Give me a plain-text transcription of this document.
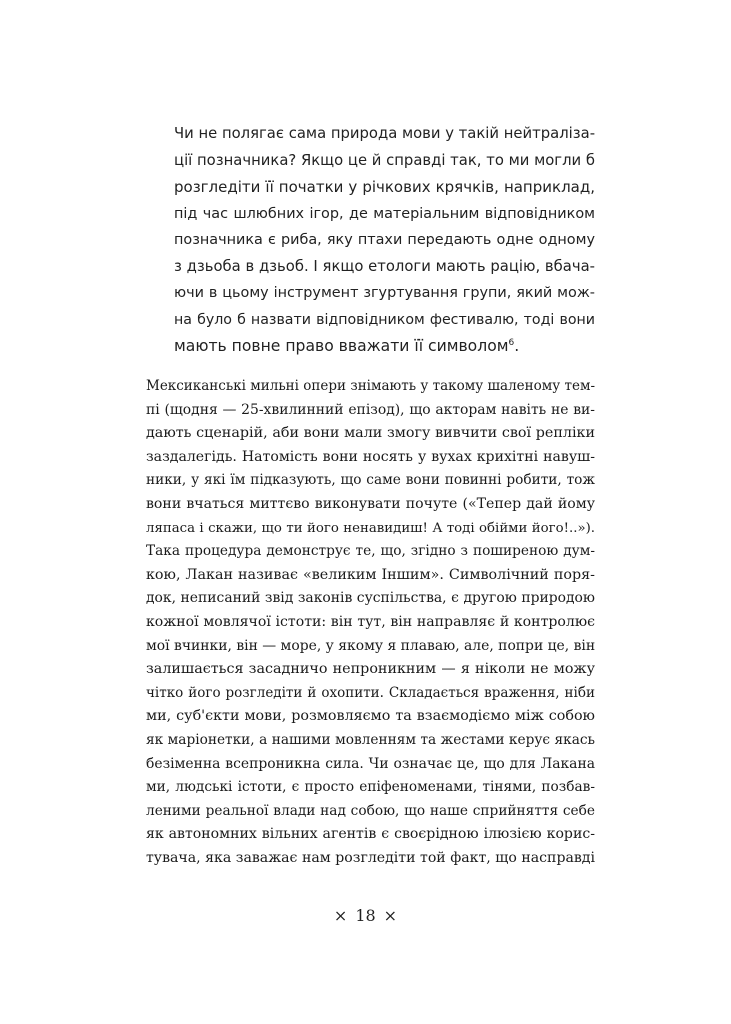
Чи не полягає сама природа мови у такій нейтраліза-
ції позначника? Якщо це й справді так, то ми могли б
розгледіти її початки у річкових крячків, наприклад,
під час шлюбних ігор, де матеріальним відповідником
позначника є риба, яку птахи передають одне одному
з дзьоба в дзьоб. І якщо етологи мають рацію, вбача-
ючи в цьому інструмент згуртування групи, який мож-
на було б назвати відповідником фестивалю, тоді вони
мають повне право вважати її символом$^6$.
Мексиканські мильні опери знімають у такому шаленому тем-
пі (щодня — 25-хвилинний епізод), що акторам навіть не ви-
дають сценарій, аби вони мали змогу вивчити свої репліки
заздалегідь. Натомість вони носять у вухах крихітні навуш-
ники, у які їм підказують, що саме вони повинні робити, тож
вони вчаться миттєво виконувати почуте («Тепер дай йому
ляпаса і скажи, що ти його ненавидиш! А тоді обійми його!..»).
Така процедура демонструє те, що, згідно з поширеною дум-
кою, Лакан називає «великим Іншим». Символічний поря-
док, неписаний звід законів суспільства, є другою природою
кожної мовлячої істоти: він тут, він направляє й контролює
мої вчинки, він — море, у якому я плаваю, але, попри це, він
залишається засадничо непроникним — я ніколи не можу
чітко його розгледіти й охопити. Складається враження, ніби
ми, суб'єкти мови, розмовляємо та взаємодіємо між собою
як маріонетки, а нашими мовленням та жестами керує якась
безіменна всепроникна сила. Чи означає це, що для Лакана
ми, людські істоти, є просто епіфеноменами, тінями, позбав-
леними реальної влади над собою, що наше сприйняття себе
як автономних вільних агентів є своєрідною ілюзією корис-
тувача, яка заважає нам розгледіти той факт, що насправді
× 18 ×
